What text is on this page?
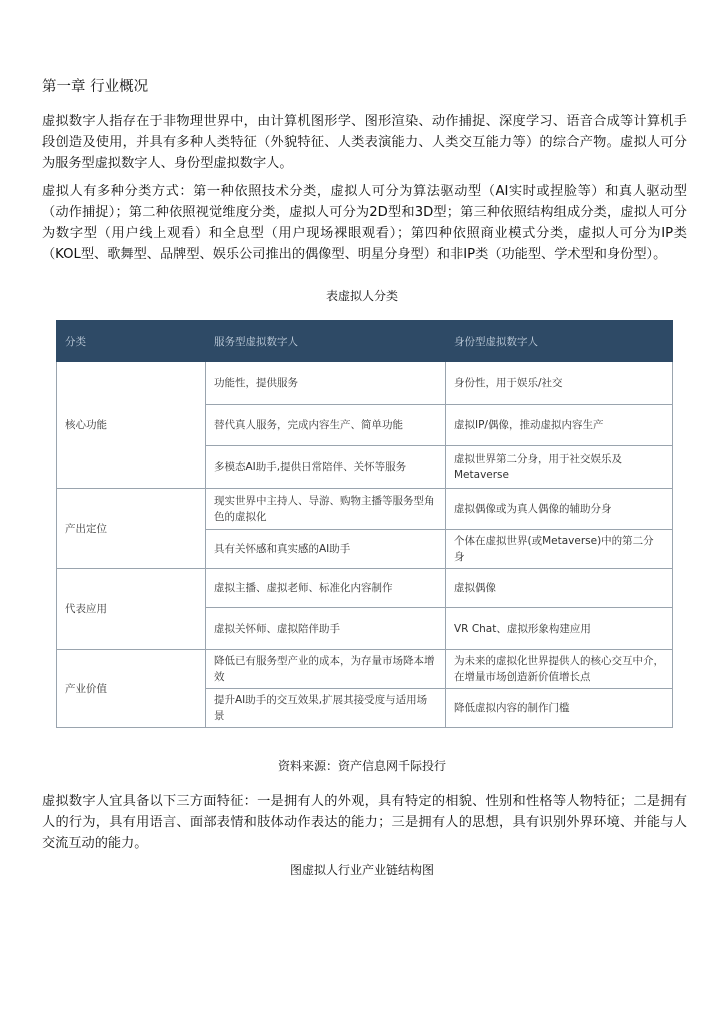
第一章 行业概况
虚拟数字人指存在于非物理世界中，由计算机图形学、图形渲染、动作捕捉、深度学习、语音合成等计算机手段创造及使用，并具有多种人类特征（外貌特征、人类表演能力、人类交互能力等）的综合产物。虚拟人可分为服务型虚拟数字人、身份型虚拟数字人。
虚拟人有多种分类方式：第一种依照技术分类，虚拟人可分为算法驱动型（AI实时或捏脸等）和真人驱动型（动作捕捉）；第二种依照视觉维度分类，虚拟人可分为2D型和3D型；第三种依照结构组成分类，虚拟人可分为数字型（用户线上观看）和全息型（用户现场裸眼观看）；第四种依照商业模式分类，虚拟人可分为IP类（KOL型、歌舞型、品牌型、娱乐公司推出的偶像型、明星分身型）和非IP类（功能型、学术型和身份型）。
表虚拟人分类
分类	服务型虚拟数字人	身份型虚拟数字人
核心功能	功能性，提供服务	身份性，用于娱乐/社交
	替代真人服务，完成内容生产、简单功能	虚拟IP/偶像，推动虚拟内容生产
	多模态AI助手,提供日常陪伴、关怀等服务	虚拟世界第二分身，用于社交娱乐及Metaverse
产出定位	现实世界中主持人、导游、购物主播等服务型角色的虚拟化	虚拟偶像或为真人偶像的辅助分身
	具有关怀感和真实感的AI助手	个体在虚拟世界(或Metaverse)中的第二分身
代表应用	虚拟主播、虚拟老师、标准化内容制作	虚拟偶像
	虚拟关怀师、虚拟陪伴助手	VR Chat、虚拟形象构建应用
产业价值	降低已有服务型产业的成本，为存量市场降本增效	为未来的虚拟化世界提供人的核心交互中介，在增量市场创造新价值增长点
	提升AI助手的交互效果,扩展其接受度与适用场景	降低虚拟内容的制作门槛
资料来源：资产信息网千际投行
虚拟数字人宜具备以下三方面特征：一是拥有人的外观，具有特定的相貌、性别和性格等人物特征；二是拥有人的行为，具有用语言、面部表情和肢体动作表达的能力；三是拥有人的思想，具有识别外界环境、并能与人交流互动的能力。
图虚拟人行业产业链结构图
